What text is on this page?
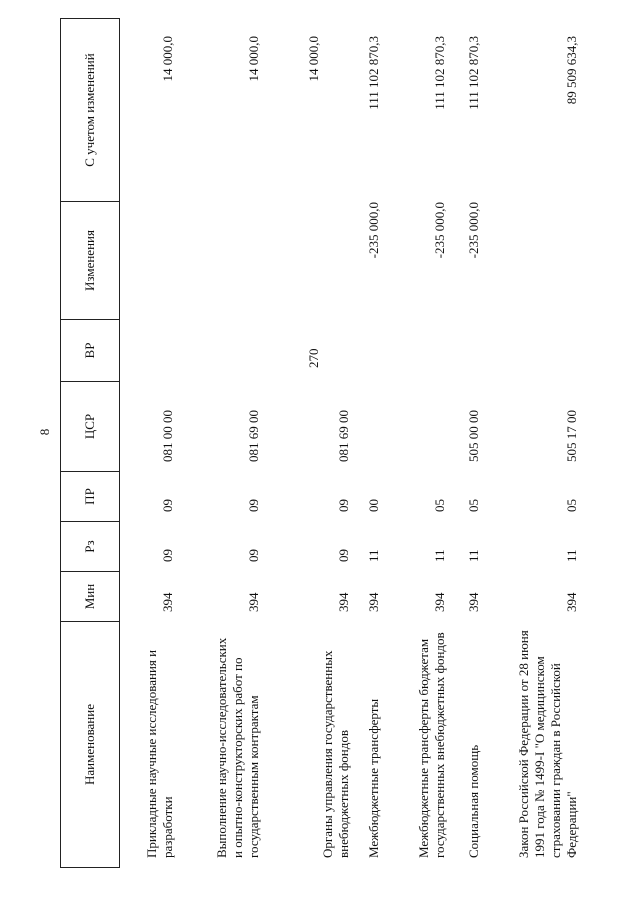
8
Наименование
Мин
Рз
ПР
ЦСР
ВР
Изменения
С учетом изменений
Прикладные научные исследования и разработки
394
09
09
081 00 00
14 000,0
Выполнение научно-исследовательских и опытно-конструкторских работ по государственным контрактам
394
09
09
081 69 00
14 000,0
Органы управления государственных внебюджетных фондов
394
09
09
081 69 00
270
14 000,0
Межбюджетные трансферты
394
11
00
-235 000,0
111 102 870,3
Межбюджетные трансферты бюджетам государственных внебюджетных фондов
394
11
05
-235 000,0
111 102 870,3
Социальная помощь
394
11
05
505 00 00
-235 000,0
111 102 870,3
Закон Российской Федерации от 28 июня 1991 года № 1499-I "О медицинском страховании граждан в Российской Федерации"
394
11
05
505 17 00
89 509 634,3
